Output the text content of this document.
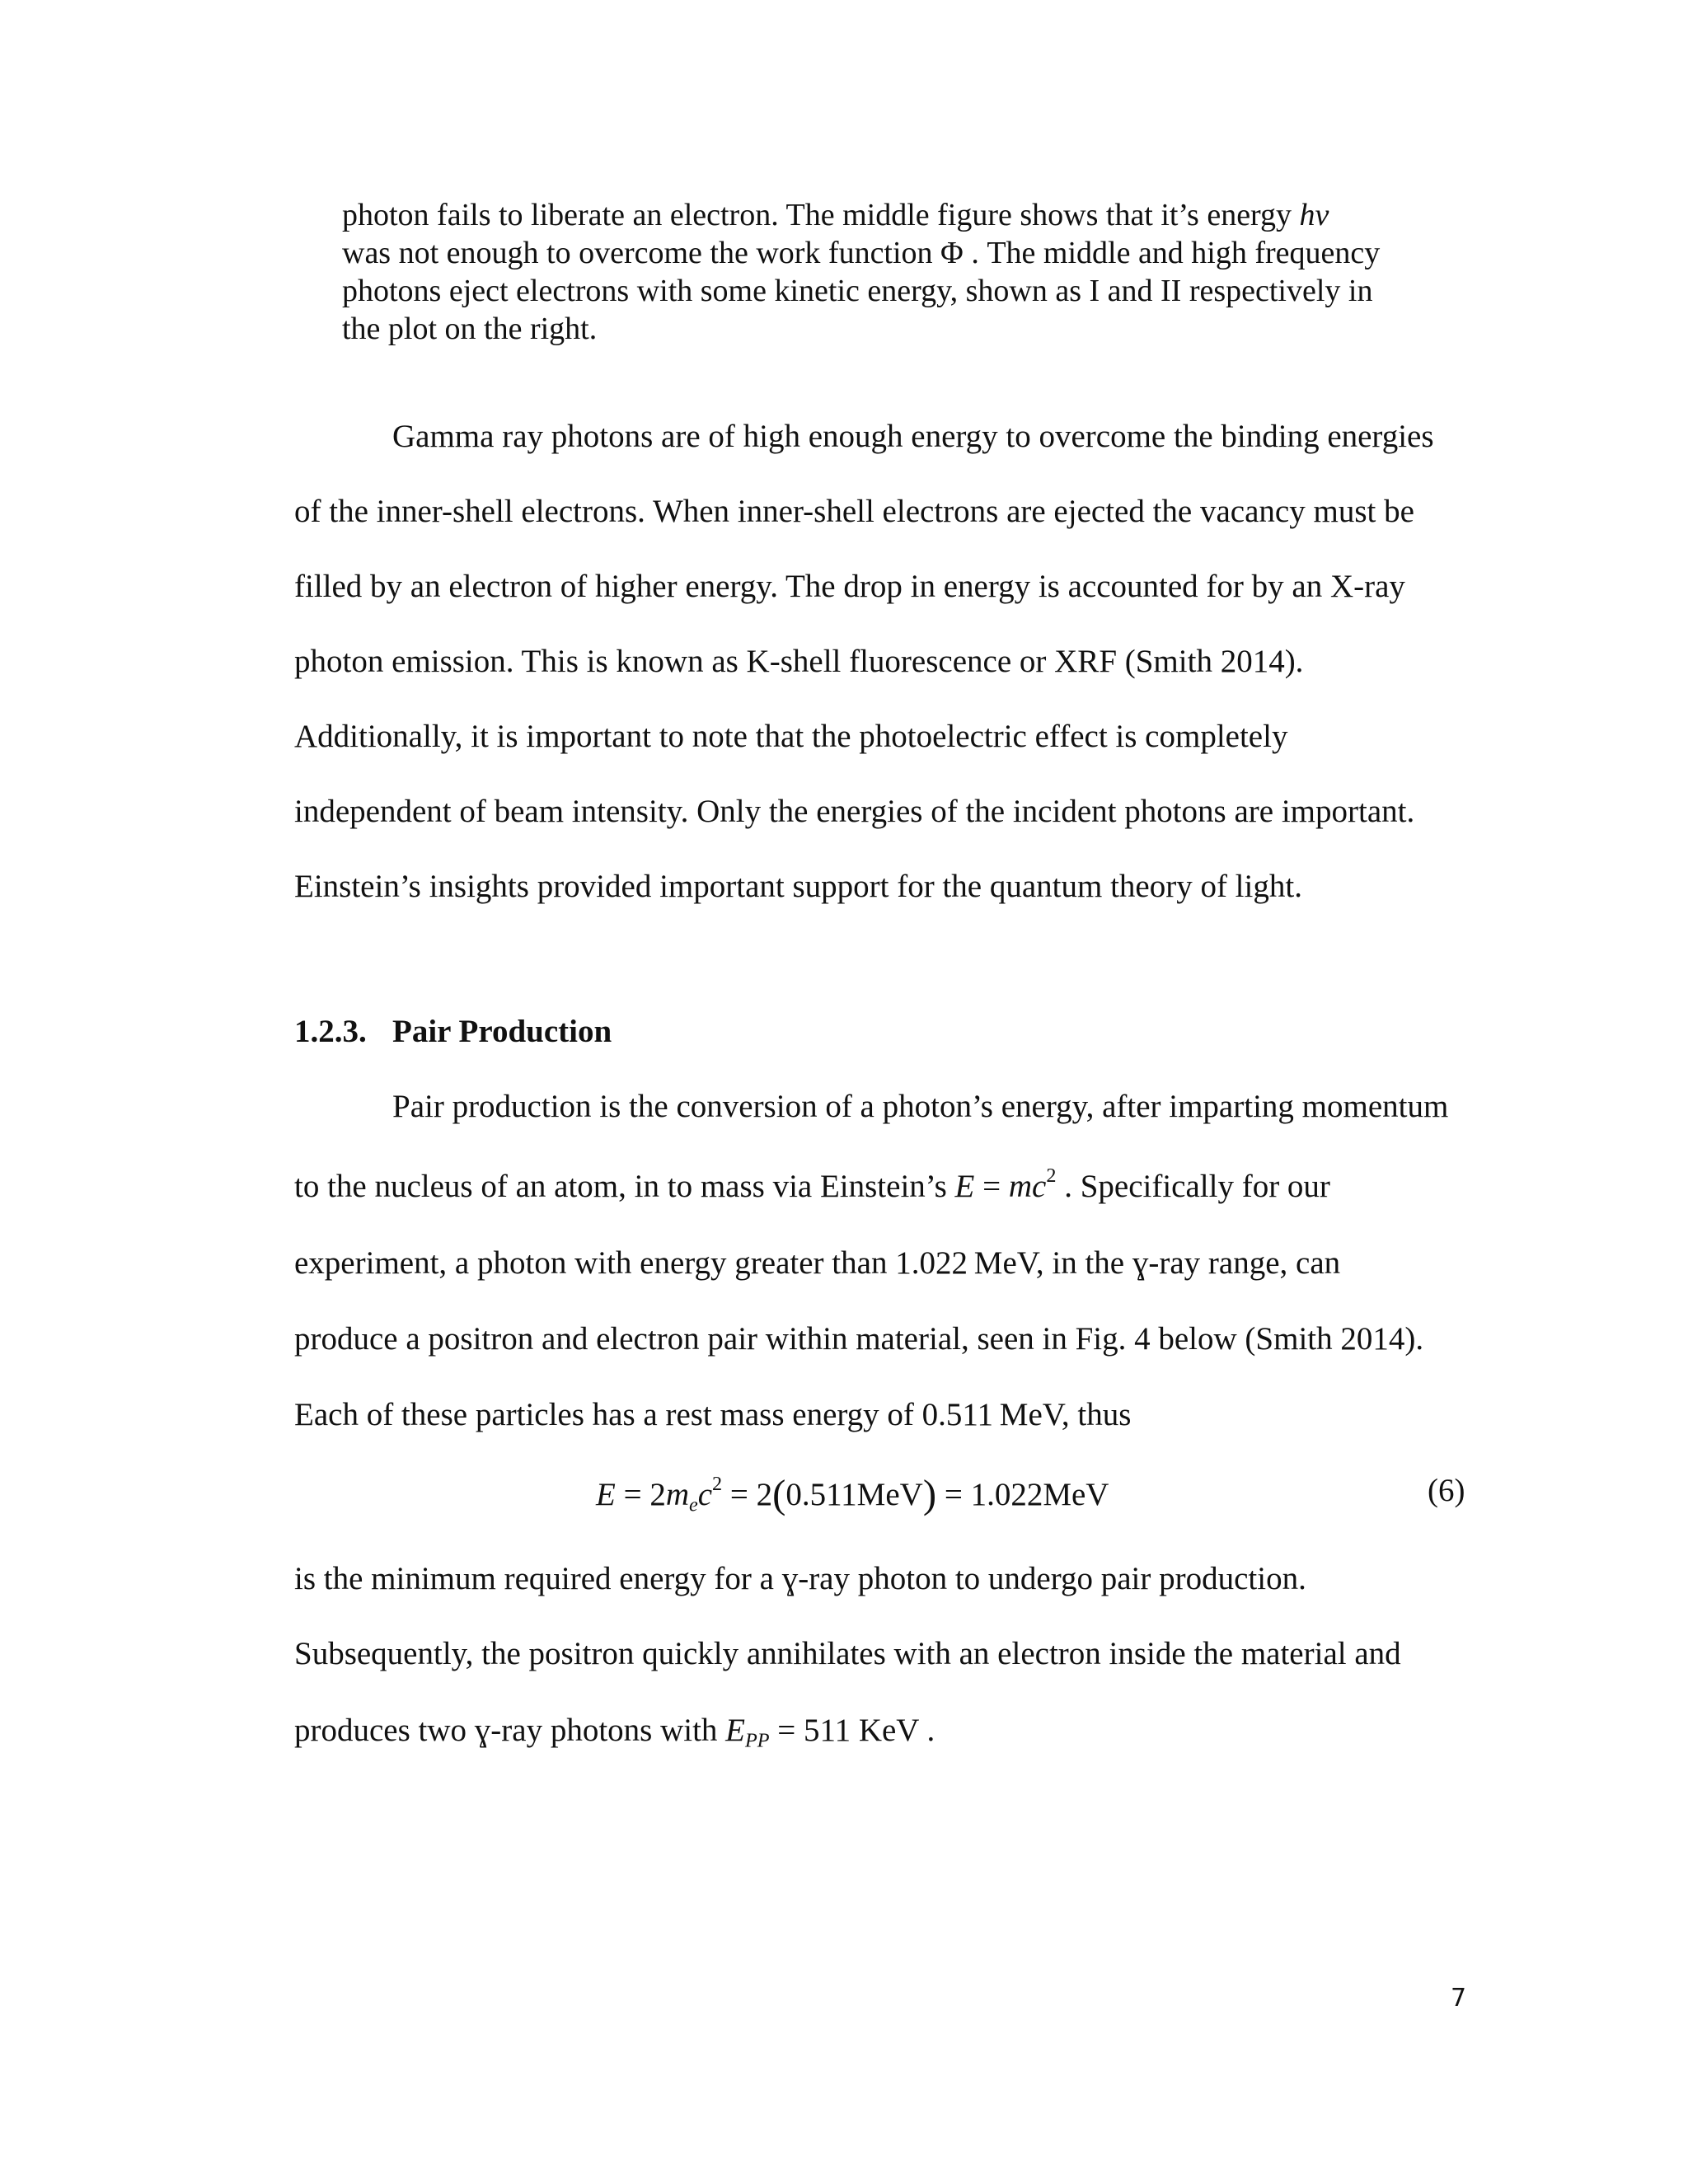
photon fails to liberate an electron. The middle figure shows that it’s energy hν
was not enough to overcome the work function Φ . The middle and high frequency
photons eject electrons with some kinetic energy, shown as I and II respectively in
the plot on the right.
Gamma ray photons are of high enough energy to overcome the binding energies
of the inner-shell electrons. When inner-shell electrons are ejected the vacancy must be
filled by an electron of higher energy. The drop in energy is accounted for by an X-ray
photon emission. This is known as K-shell fluorescence or XRF (Smith 2014).
Additionally, it is important to note that the photoelectric effect is completely
independent of beam intensity. Only the energies of the incident photons are important.
Einstein’s insights provided important support for the quantum theory of light.
1.2.3. Pair Production
Pair production is the conversion of a photon’s energy, after imparting momentum
to the nucleus of an atom, in to mass via Einstein’s $E = mc^2$ . Specifically for our
experiment, a photon with energy greater than 1.022 MeV, in the ɣ-ray range, can
produce a positron and electron pair within material, seen in Fig. 4 below (Smith 2014).
Each of these particles has a rest mass energy of 0.511 MeV, thus
$E = 2m_ec^2 = 2(0.511MeV) = 1.022MeV$	(6)
is the minimum required energy for a ɣ-ray photon to undergo pair production.
Subsequently, the positron quickly annihilates with an electron inside the material and
produces two ɣ-ray photons with $E_{PP} = 511$ KeV .
7
